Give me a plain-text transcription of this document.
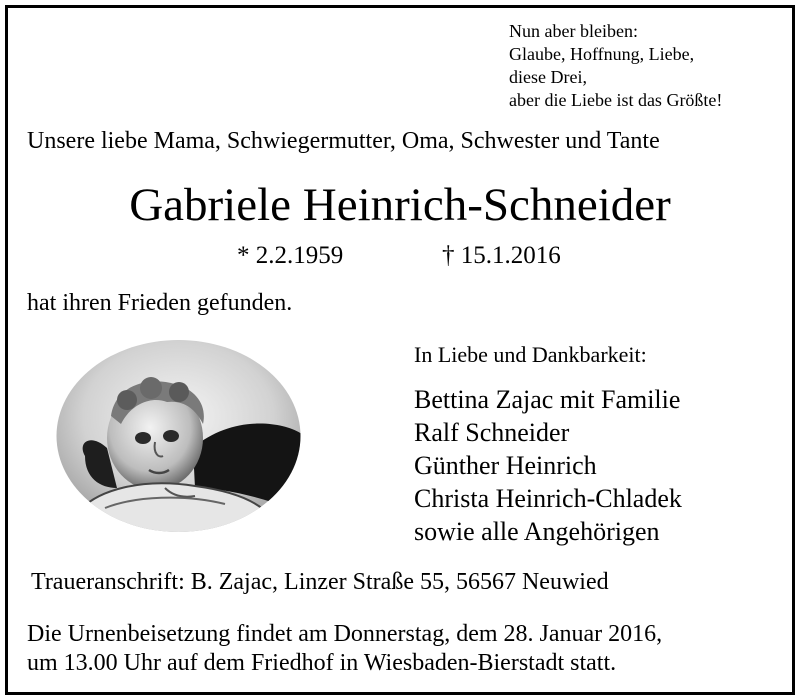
Nun aber bleiben:
Glaube, Hoffnung, Liebe,
diese Drei,
aber die Liebe ist das Größte!
Unsere liebe Mama, Schwiegermutter, Oma, Schwester und Tante
Gabriele Heinrich-Schneider
* 2.2.1959	† 15.1.2016
hat ihren Frieden gefunden.
In Liebe und Dankbarkeit:
Bettina Zajac mit Familie
Ralf Schneider
Günther Heinrich
Christa Heinrich-Chladek
sowie alle Angehörigen
Traueranschrift: B. Zajac, Linzer Straße 55, 56567 Neuwied
Die Urnenbeisetzung findet am Donnerstag, dem 28. Januar 2016,
um 13.00 Uhr auf dem Friedhof in Wiesbaden-Bierstadt statt.
